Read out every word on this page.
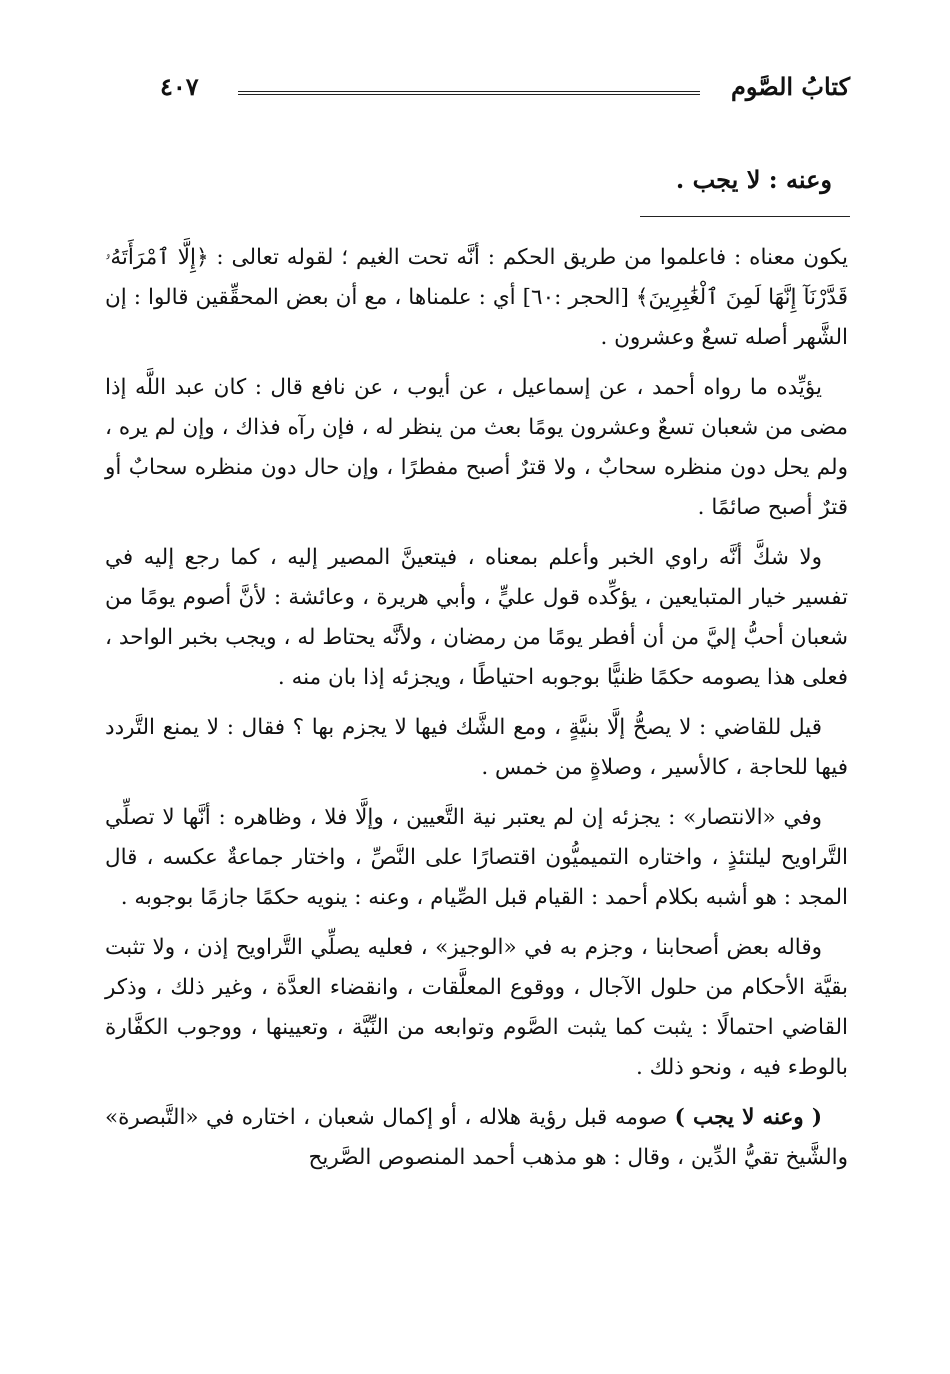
كتابُ الصَّوم
٤٠٧
وعنه : لا يجب .

يكون معناه : فاعلموا من طريق الحكم : أنَّه تحت الغيم ؛ لقوله تعالى : ﴿إِلَّا ٱمْرَأَتَهُۥ قَدَّرْنَآ إِنَّهَا لَمِنَ ٱلْغَٰبِرِينَ﴾ [الحجر :٦٠] أي : علمناها ، مع أن بعض المحقِّقين قالوا : إن الشَّهر أصله تسعٌ وعشرون .

يؤيِّده ما رواه أحمد ، عن إسماعيل ، عن أيوب ، عن نافع قال : كان عبد اللَّه إذا مضى من شعبان تسعٌ وعشرون يومًا بعث من ينظر له ، فإن رآه فذاك ، وإن لم يره ، ولم يحل دون منظره سحابٌ ، ولا قترٌ أصبح مفطرًا ، وإن حال دون منظره سحابٌ أو قترٌ أصبح صائمًا .

ولا شكَّ أنَّه راوي الخبر وأعلم بمعناه ، فيتعينَّ المصير إليه ، كما رجع إليه في تفسير خيار المتبايعين ، يؤكِّده قول عليٍّ ، وأبي هريرة ، وعائشة : لأنَّ أصوم يومًا من شعبان أحبُّ إليَّ من أن أفطر يومًا من رمضان ، ولأنَّه يحتاط له ، ويجب بخبر الواحد ، فعلى هذا يصومه حكمًا ظنيًّا بوجوبه احتياطًا ، ويجزئه إذا بان منه .

قيل للقاضي : لا يصحُّ إلَّا بنيَّةٍ ، ومع الشَّك فيها لا يجزم بها ؟ فقال : لا يمنع التَّردد فيها للحاجة ، كالأسير ، وصلاةٍ من خمس .

وفي «الانتصار» : يجزئه إن لم يعتبر نية التَّعيين ، وإلَّا فلا ، وظاهره : أنَّها لا تصلِّي التَّراويح ليلتئذٍ ، واختاره التميميُّون اقتصارًا على النَّصِّ ، واختار جماعةٌ عكسه ، قال المجد : هو أشبه بكلام أحمد : القيام قبل الصِّيام ، وعنه : ينويه حكمًا جازمًا بوجوبه .

وقاله بعض أصحابنا ، وجزم به في «الوجيز» ، فعليه يصلِّي التَّراويح إذن ، ولا تثبت بقيَّة الأحكام من حلول الآجال ، ووقوع المعلَّقات ، وانقضاء العدَّة ، وغير ذلك ، وذكر القاضي احتمالًا : يثبت كما يثبت الصَّوم وتوابعه من النِّيَّة ، وتعيينها ، ووجوب الكفَّارة بالوطء فيه ، ونحو ذلك .

( وعنه لا يجب ) صومه قبل رؤية هلاله ، أو إكمال شعبان ، اختاره في «التَّبصرة» والشَّيخ تقيُّ الدِّين ، وقال : هو مذهب أحمد المنصوص الصَّريح
